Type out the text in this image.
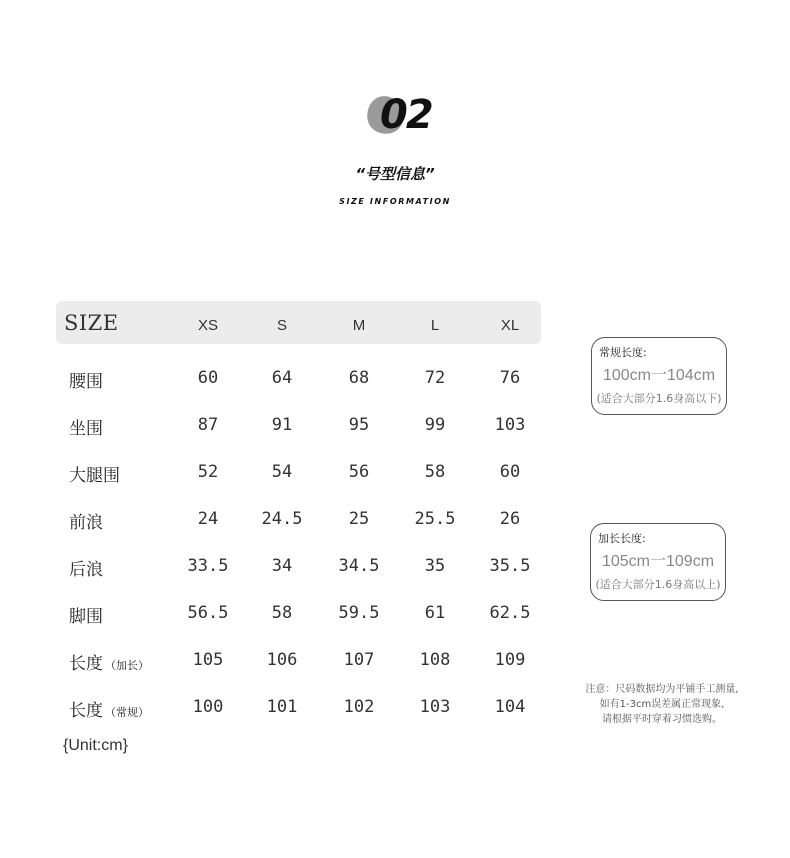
02
“号型信息”
SIZE INFORMATION
SIZE	XS	S	M	L	XL
腰围	60	64	68	72	76
坐围	87	91	95	99	103
大腿围	52	54	56	58	60
前浪	24	24.5	25	25.5	26
后浪	33.5	34	34.5	35	35.5
脚围	56.5	58	59.5	61	62.5
长度 （加长）	105	106	107	108	109
长度 （常规）	100	101	102	103	104
{Unit:cm}
常规长度:
100cm一104cm
(适合大部分1.6身高以下)
加长长度:
105cm一109cm
(适合大部分1.6身高以上)
注意：尺码数据均为平铺手工测量,
如有1-3cm误差属正常现象,
请根据平时穿着习惯选购。
